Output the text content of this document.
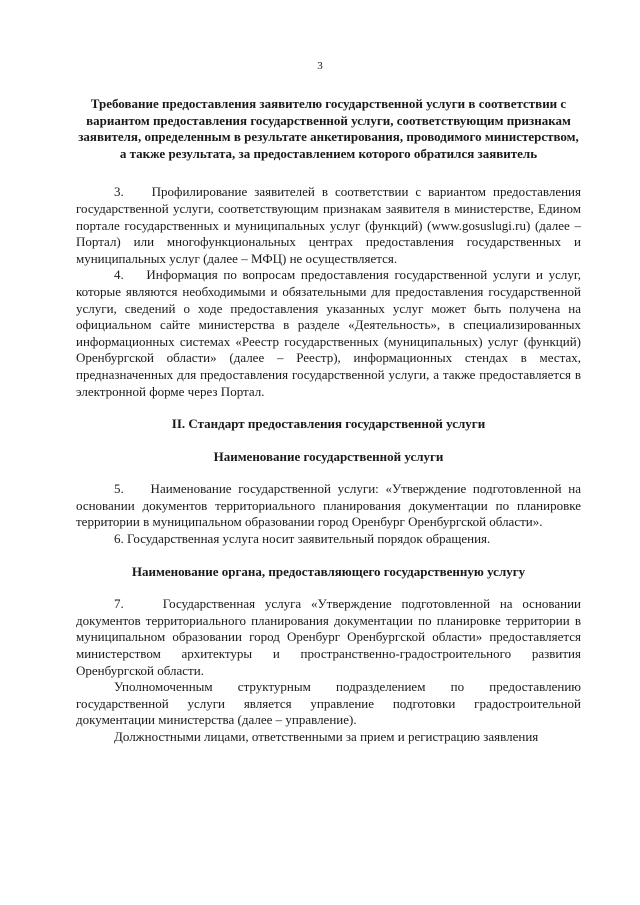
3

Требование предоставления заявителю государственной услуги в соответствии с вариантом предоставления государственной услуги, соответствующим признакам заявителя, определенным в результате анкетирования, проводимого министерством, а также результата, за предоставлением которого обратился заявитель

3.    Профилирование заявителей в соответствии с вариантом предоставления государственной услуги, соответствующим признакам заявителя в министерстве, Едином портале государственных и муниципальных услуг (функций) (www.gosuslugi.ru) (далее – Портал) или многофункциональных центрах предоставления государственных и муниципальных услуг (далее – МФЦ) не осуществляется.

4.    Информация по вопросам предоставления государственной услуги и услуг, которые являются необходимыми и обязательными для предоставления государственной услуги, сведений о ходе предоставления указанных услуг может быть получена на официальном сайте министерства в разделе «Деятельность», в специализированных информационных системах «Реестр государственных (муниципальных) услуг (функций) Оренбургской области» (далее – Реестр), информационных стендах в местах, предназначенных для предоставления государственной услуги, а также предоставляется в электронной форме через Портал.

II. Стандарт предоставления государственной услуги

Наименование государственной услуги

5.    Наименование государственной услуги: «Утверждение подготовленной на основании документов территориального планирования документации по планировке территории в муниципальном образовании город Оренбург Оренбургской области».

6. Государственная услуга носит заявительный порядок обращения.

Наименование органа, предоставляющего государственную услугу

7.    Государственная услуга «Утверждение подготовленной на основании документов территориального планирования документации по планировке территории в муниципальном образовании город Оренбург Оренбургской области» предоставляется министерством архитектуры и пространственно-градостроительного развития Оренбургской области.

Уполномоченным структурным подразделением по предоставлению государственной услуги является управление подготовки градостроительной документации министерства (далее – управление).

Должностными лицами, ответственными за прием и регистрацию заявления
